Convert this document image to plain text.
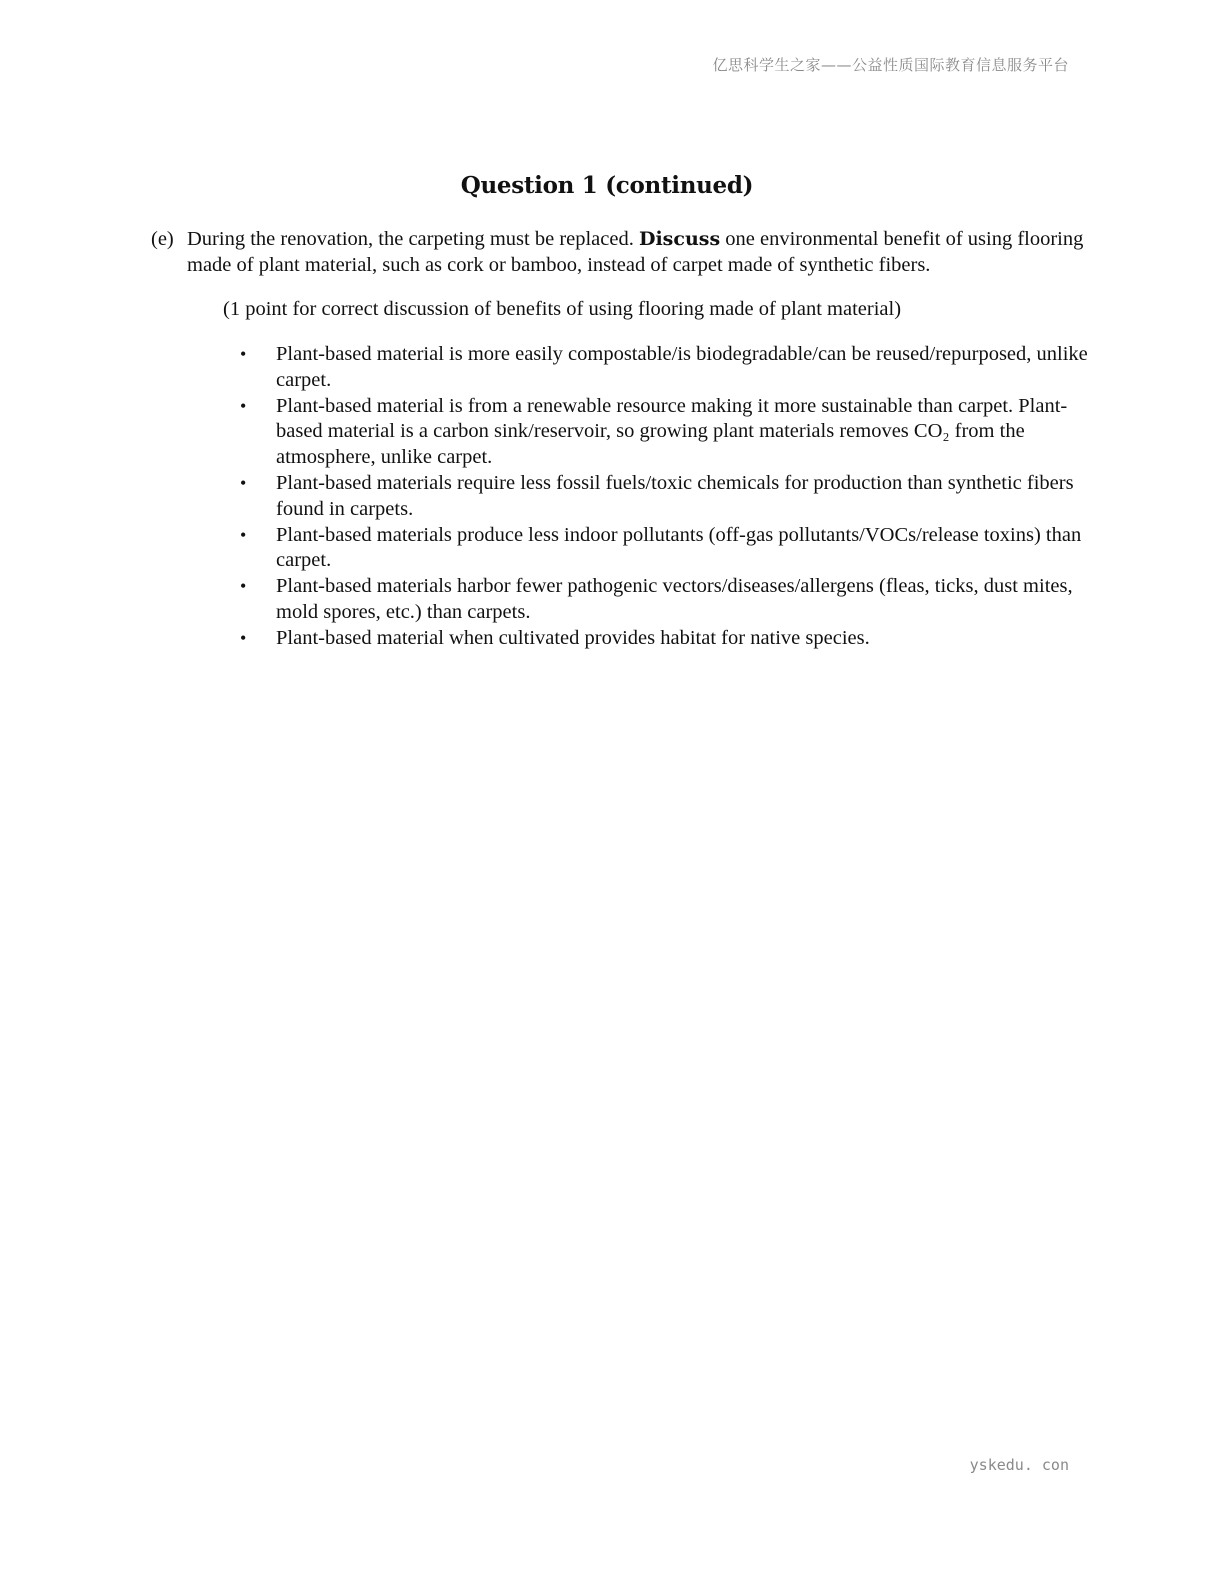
亿思科学生之家——公益性质国际教育信息服务平台
Question 1 (continued)
(e) During the renovation, the carpeting must be replaced. Discuss one environmental benefit of using flooring made of plant material, such as cork or bamboo, instead of carpet made of synthetic fibers.
(1 point for correct discussion of benefits of using flooring made of plant material)
• Plant-based material is more easily compostable/is biodegradable/can be reused/repurposed, unlike carpet.
• Plant-based material is from a renewable resource making it more sustainable than carpet. Plant-based material is a carbon sink/reservoir, so growing plant materials removes CO₂ from the atmosphere, unlike carpet.
• Plant-based materials require less fossil fuels/toxic chemicals for production than synthetic fibers found in carpets.
• Plant-based materials produce less indoor pollutants (off-gas pollutants/VOCs/release toxins) than carpet.
• Plant-based materials harbor fewer pathogenic vectors/diseases/allergens (fleas, ticks, dust mites, mold spores, etc.) than carpets.
• Plant-based material when cultivated provides habitat for native species.
yskedu. con
